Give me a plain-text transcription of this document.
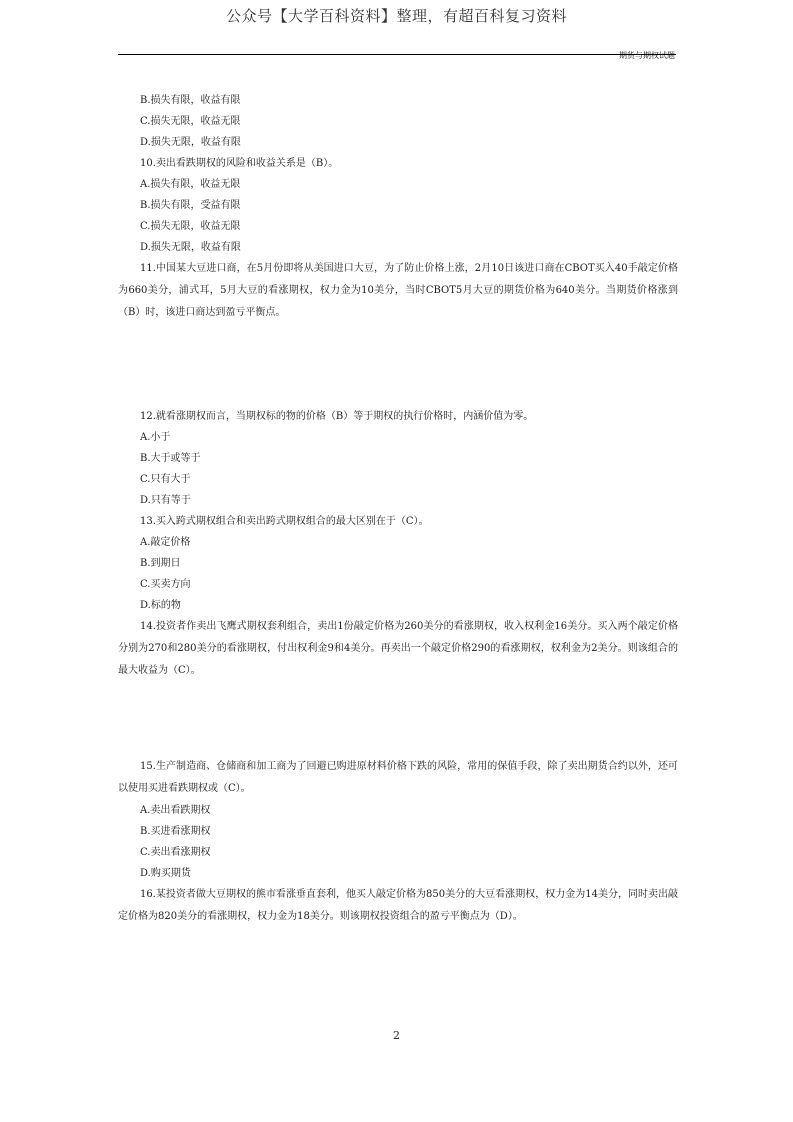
公众号【大学百科资料】整理，有超百科复习资料
期货与期权试题

B.损失有限，收益有限

C.损失无限，收益无限

D.损失无限，收益有限

10.卖出看跌期权的风险和收益关系是（B）。

A.损失有限，收益无限

B.损失有限，受益有限

C.损失无限，收益无限

D.损失无限，收益有限

11.中国某大豆进口商，在5月份即将从美国进口大豆，为了防止价格上涨，2月10日该进口商在CBOT买入40手敲定价格为660美分，浦式耳，5月大豆的看涨期权，权力金为10美分，当时CBOT5月大豆的期货价格为640美分。当期货价格涨到（B）时，该进口商达到盈亏平衡点。

12.就看涨期权而言，当期权标的物的价格（B）等于期权的执行价格时，内涵价值为零。

A.小于

B.大于或等于

C.只有大于

D.只有等于

13.买入跨式期权组合和卖出跨式期权组合的最大区别在于（C）。

A.敲定价格

B.到期日

C.买卖方向

D.标的物

14.投资者作卖出飞鹰式期权套利组合，卖出1份敲定价格为260美分的看涨期权，收入权利金16美分。买入两个敲定价格分别为270和280美分的看涨期权，付出权利金9和4美分。再卖出一个敲定价格290的看涨期权，权利金为2美分。则该组合的最大收益为（C）。

15.生产制造商、仓储商和加工商为了回避已购进原材料价格下跌的风险，常用的保值手段，除了卖出期货合约以外，还可以使用买进看跌期权或（C）。

A.卖出看跌期权

B.买进看涨期权

C.卖出看涨期权

D.购买期货

16.某投资者做大豆期权的熊市看涨垂直套利，他买人敲定价格为850美分的大豆看涨期权，权力金为14美分，同时卖出敲定价格为820美分的看涨期权，权力金为18美分。则该期权投资组合的盈亏平衡点为（D）。

2
